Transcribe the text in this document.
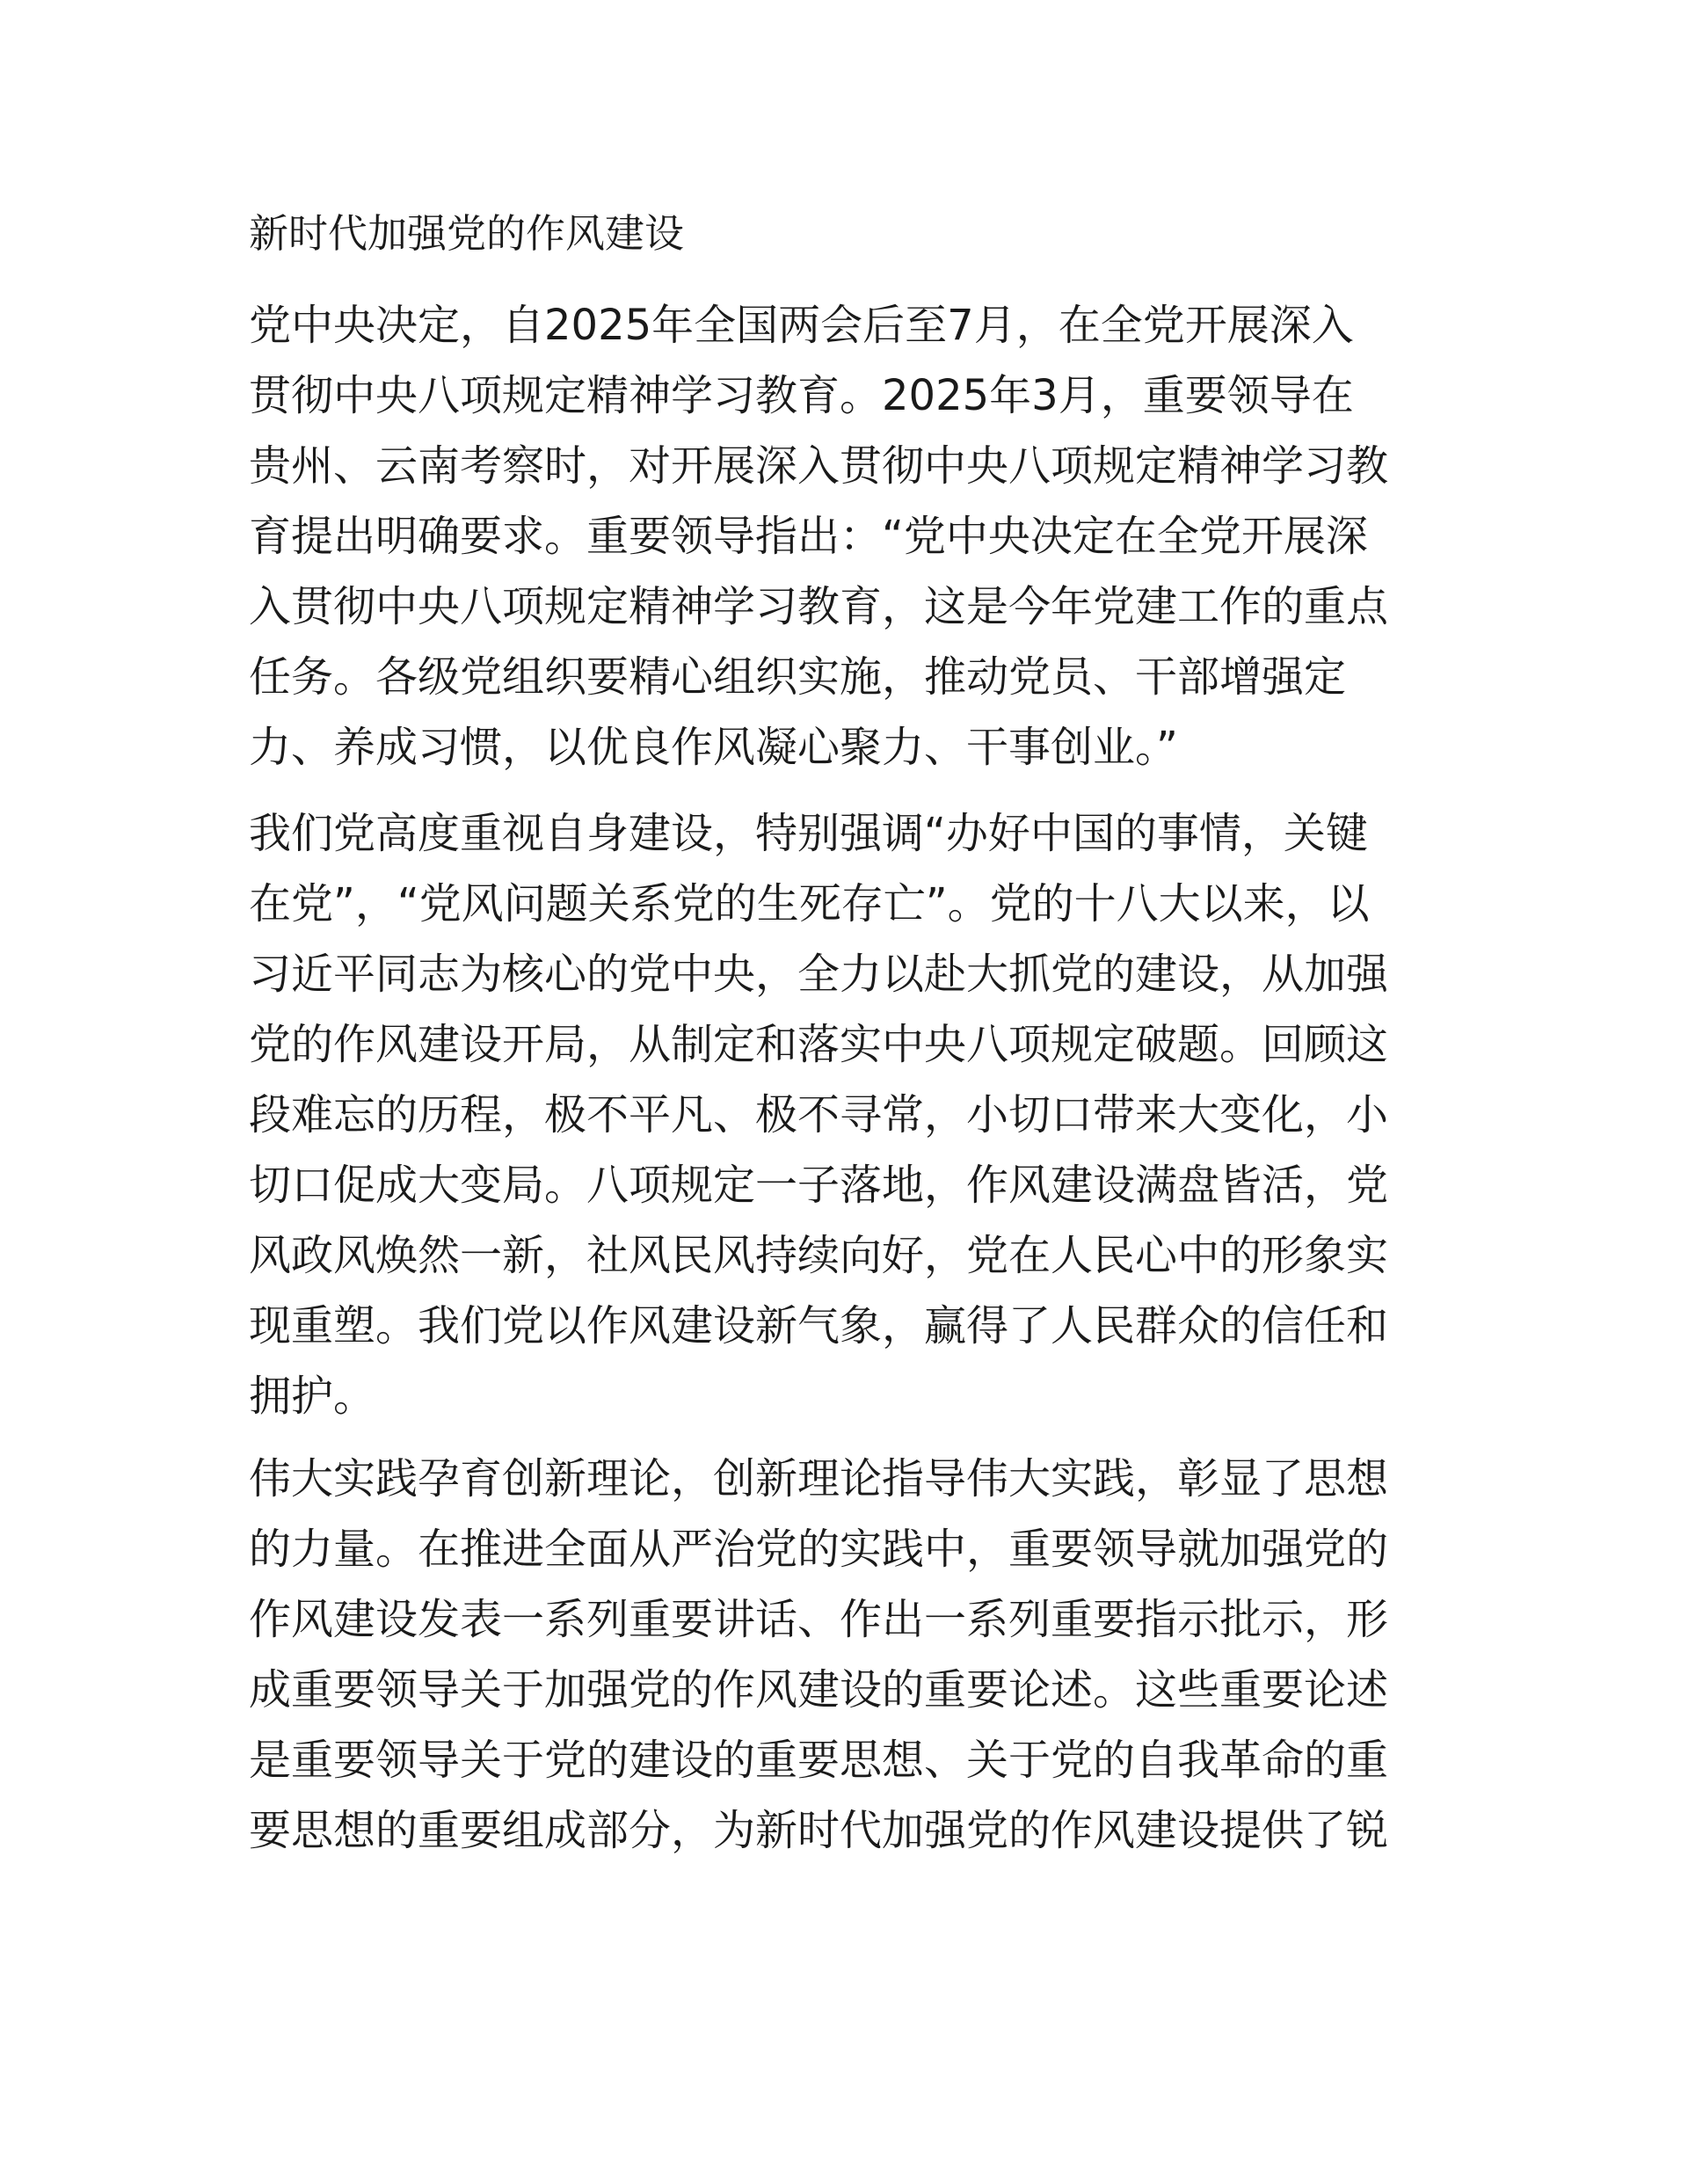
新时代加强党的作风建设
党中央决定，自2025年全国两会后至7月，在全党开展深入
贯彻中央八项规定精神学习教育。2025年3月，重要领导在
贵州、云南考察时，对开展深入贯彻中央八项规定精神学习教
育提出明确要求。重要领导指出：“党中央决定在全党开展深
入贯彻中央八项规定精神学习教育，这是今年党建工作的重点
任务。各级党组织要精心组织实施，推动党员、干部增强定
力、养成习惯，以优良作风凝心聚力、干事创业。”
我们党高度重视自身建设，特别强调“办好中国的事情，关键
在党”，“党风问题关系党的生死存亡”。党的十八大以来，以
习近平同志为核心的党中央，全力以赴大抓党的建设，从加强
党的作风建设开局，从制定和落实中央八项规定破题。回顾这
段难忘的历程，极不平凡、极不寻常，小切口带来大变化，小
切口促成大变局。八项规定一子落地，作风建设满盘皆活，党
风政风焕然一新，社风民风持续向好，党在人民心中的形象实
现重塑。我们党以作风建设新气象，赢得了人民群众的信任和
拥护。
伟大实践孕育创新理论，创新理论指导伟大实践，彰显了思想
的力量。在推进全面从严治党的实践中，重要领导就加强党的
作风建设发表一系列重要讲话、作出一系列重要指示批示，形
成重要领导关于加强党的作风建设的重要论述。这些重要论述
是重要领导关于党的建设的重要思想、关于党的自我革命的重
要思想的重要组成部分，为新时代加强党的作风建设提供了锐
